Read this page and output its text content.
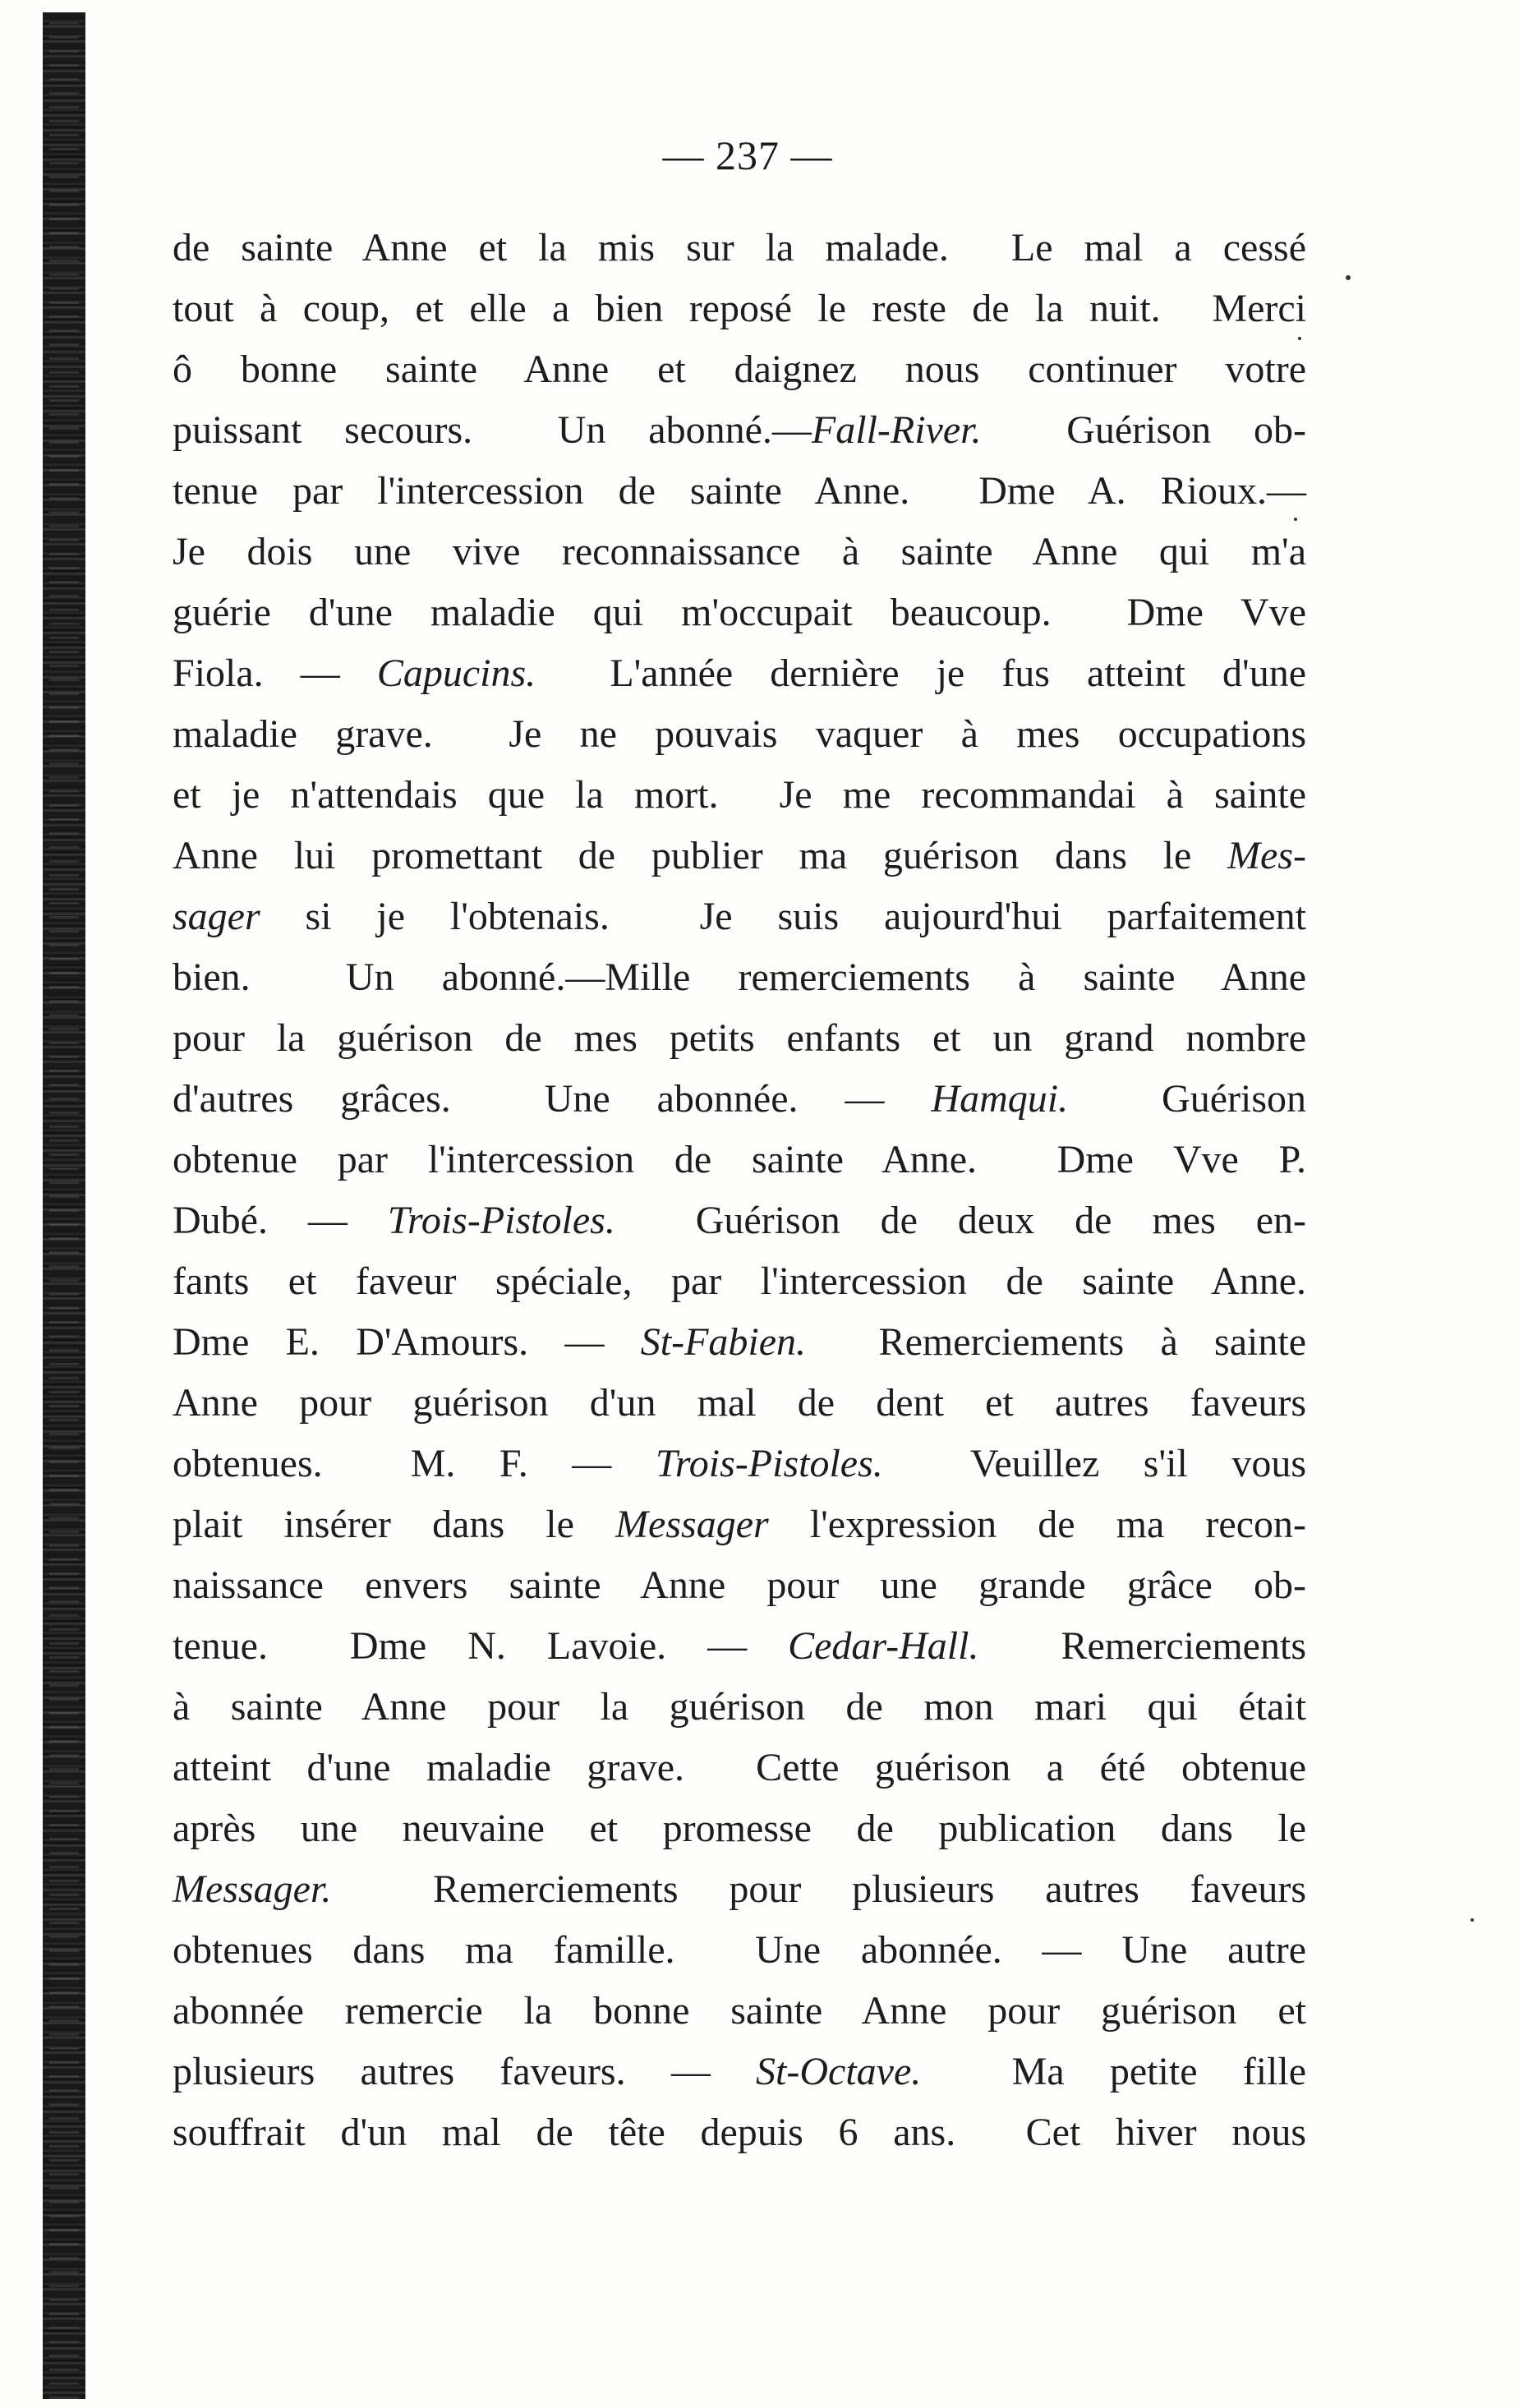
— 237 —
de sainte Anne et la mis sur la malade.  Le mal a cessé
tout à coup, et elle a bien reposé le reste de la nuit.  Merci
ô bonne sainte Anne et daignez nous continuer votre
puissant secours.  Un abonné.—Fall-River.  Guérison ob-
tenue par l'intercession de sainte Anne.  Dme A. Rioux.—
Je dois une vive reconnaissance à sainte Anne qui m'a
guérie d'une maladie qui m'occupait beaucoup.  Dme Vve
Fiola. — Capucins.  L'année dernière je fus atteint d'une
maladie grave.  Je ne pouvais vaquer à mes occupations
et je n'attendais que la mort.  Je me recommandai à sainte
Anne lui promettant de publier ma guérison dans le Mes-
sager si je l'obtenais.  Je suis aujourd'hui parfaitement
bien.  Un abonné.—Mille remerciements à sainte Anne
pour la guérison de mes petits enfants et un grand nombre
d'autres grâces.  Une abonnée. — Hamqui.  Guérison
obtenue par l'intercession de sainte Anne.  Dme Vve P.
Dubé. — Trois-Pistoles.  Guérison de deux de mes en-
fants et faveur spéciale, par l'intercession de sainte Anne.
Dme E. D'Amours. — St-Fabien.  Remerciements à sainte
Anne pour guérison d'un mal de dent et autres faveurs
obtenues.  M. F. — Trois-Pistoles.  Veuillez s'il vous
plait insérer dans le Messager l'expression de ma recon-
naissance envers sainte Anne pour une grande grâce ob-
tenue.  Dme N. Lavoie. — Cedar-Hall.  Remerciements
à sainte Anne pour la guérison de mon mari qui était
atteint d'une maladie grave.  Cette guérison a été obtenue
après une neuvaine et promesse de publication dans le
Messager.  Remerciements pour plusieurs autres faveurs
obtenues dans ma famille.  Une abonnée. — Une autre
abonnée remercie la bonne sainte Anne pour guérison et
plusieurs autres faveurs. — St-Octave.  Ma petite fille
souffrait d'un mal de tête depuis 6 ans.  Cet hiver nous
